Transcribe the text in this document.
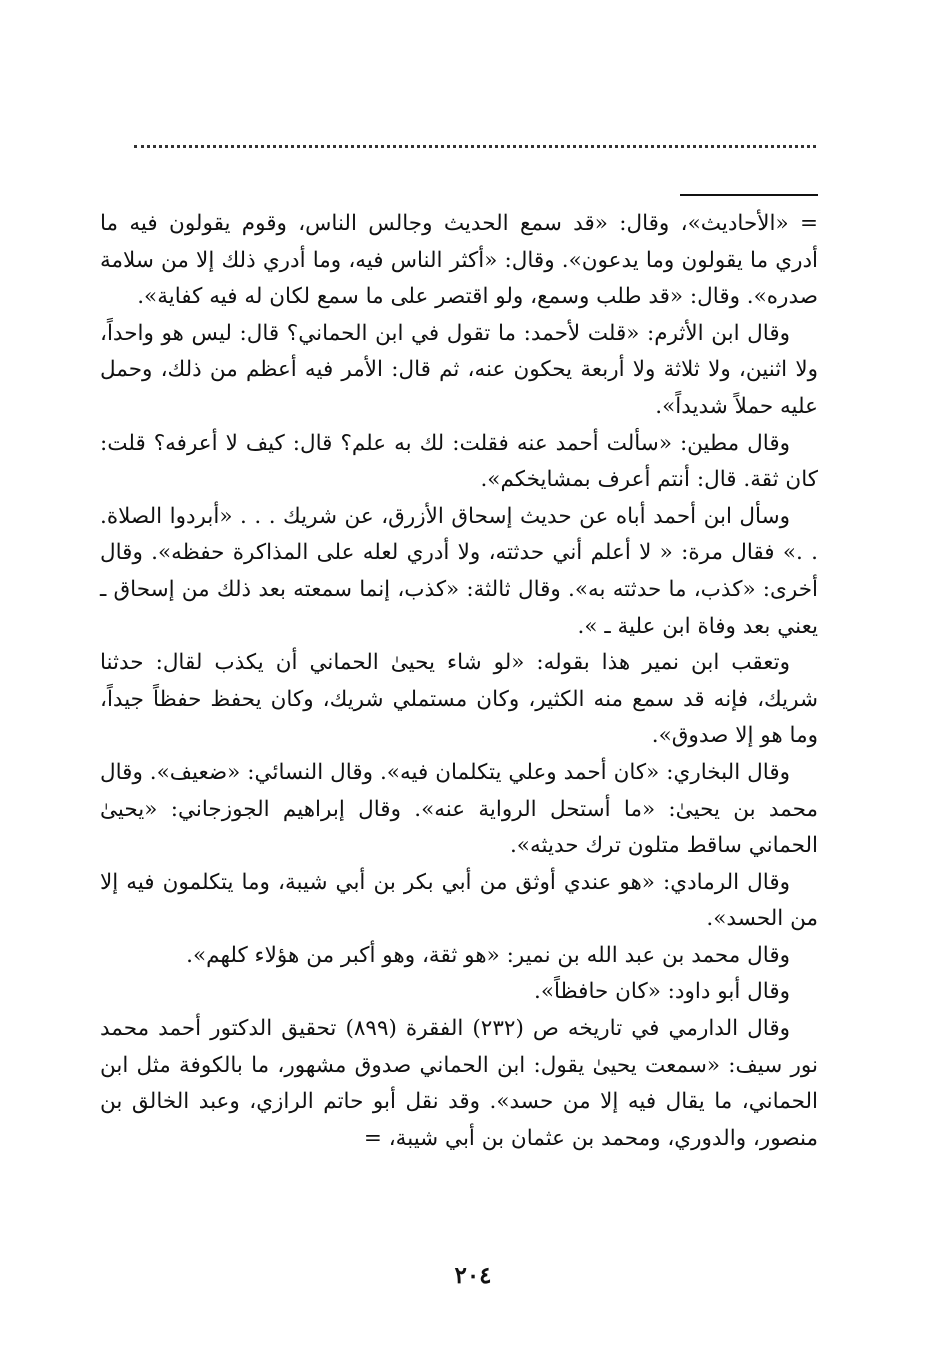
= «الأحاديث»، وقال: «قد سمع الحديث وجالس الناس، وقوم يقولون فيه ما أدري ما يقولون وما يدعون». وقال: «أكثر الناس فيه، وما أدري ذلك إلا من سلامة صدره». وقال: «قد طلب وسمع، ولو اقتصر على ما سمع لكان له فيه كفاية».

وقال ابن الأثرم: «قلت لأحمد: ما تقول في ابن الحماني؟ قال: ليس هو واحداً، ولا اثنين، ولا ثلاثة ولا أربعة يحكون عنه، ثم قال: الأمر فيه أعظم من ذلك، وحمل عليه حملاً شديداً».

وقال مطين: «سألت أحمد عنه فقلت: لك به علم؟ قال: كيف لا أعرفه؟ قلت: كان ثقة. قال: أنتم أعرف بمشايخكم».

وسأل ابن أحمد أباه عن حديث إسحاق الأزرق، عن شريك . . . «أبردوا الصلاة. . .» فقال مرة: « لا أعلم أني حدثته، ولا أدري لعله على المذاكرة حفظه». وقال أخرى: «كذب، ما حدثته به». وقال ثالثة: «كذب، إنما سمعته بعد ذلك من إسحاق ـ يعني بعد وفاة ابن علية ـ ».

وتعقب ابن نمير هذا بقوله: «لو شاء يحيىٰ الحماني أن يكذب لقال: حدثنا شريك، فإنه قد سمع منه الكثير، وكان مستملي شريك، وكان يحفظ حفظاً جيداً، وما هو إلا صدوق».

وقال البخاري: «كان أحمد وعلي يتكلمان فيه». وقال النسائي: «ضعيف». وقال محمد بن يحيىٰ: «ما أستحل الرواية عنه». وقال إبراهيم الجوزجاني: «يحيىٰ الحماني ساقط متلون ترك حديثه».

وقال الرمادي: «هو عندي أوثق من أبي بكر بن أبي شيبة، وما يتكلمون فيه إلا من الحسد».

وقال محمد بن عبد الله بن نمير: «هو ثقة، وهو أكبر من هؤلاء كلهم».

وقال أبو داود: «كان حافظاً».

وقال الدارمي في تاريخه ص (٢٣٢) الفقرة (٨٩٩) تحقيق الدكتور أحمد محمد نور سيف: «سمعت يحيىٰ يقول: ابن الحماني صدوق مشهور، ما بالكوفة مثل ابن الحماني، ما يقال فيه إلا من حسد». وقد نقل أبو حاتم الرازي، وعبد الخالق بن منصور، والدوري، ومحمد بن عثمان بن أبي شيبة، =

٢٠٤
